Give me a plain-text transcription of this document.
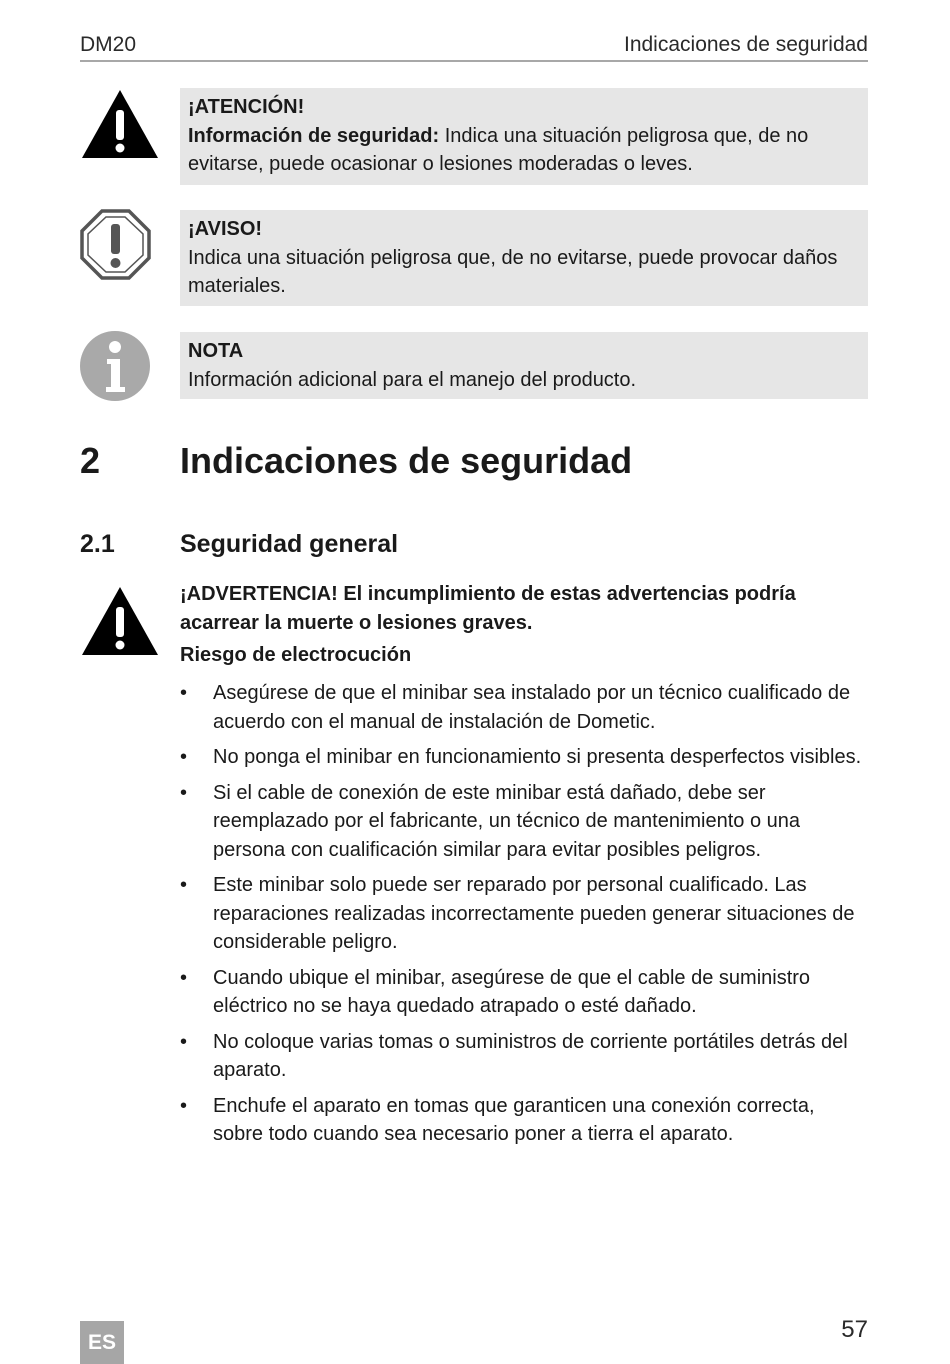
DM20	Indicaciones de seguridad
¡ATENCIÓN!
Información de seguridad: Indica una situación peligrosa que, de no evitarse, puede ocasionar o lesiones moderadas o leves.
¡AVISO!
Indica una situación peligrosa que, de no evitarse, puede provocar daños materiales.
NOTA
Información adicional para el manejo del producto.
2 Indicaciones de seguridad
2.1	Seguridad general
¡ADVERTENCIA! El incumplimiento de estas advertencias podría acarrear la muerte o lesiones graves.
Riesgo de electrocución
• Asegúrese de que el minibar sea instalado por un técnico cualificado de acuerdo con el manual de instalación de Dometic.
• No ponga el minibar en funcionamiento si presenta desperfectos visibles.
• Si el cable de conexión de este minibar está dañado, debe ser reemplazado por el fabricante, un técnico de mantenimiento o una persona con cualificación similar para evitar posibles peligros.
• Este minibar solo puede ser reparado por personal cualificado. Las reparaciones realizadas incorrectamente pueden generar situaciones de considerable peligro.
• Cuando ubique el minibar, asegúrese de que el cable de suministro eléctrico no se haya quedado atrapado o esté dañado.
• No coloque varias tomas o suministros de corriente portátiles detrás del aparato.
• Enchufe el aparato en tomas que garanticen una conexión correcta, sobre todo cuando sea necesario poner a tierra el aparato.
ES	57
